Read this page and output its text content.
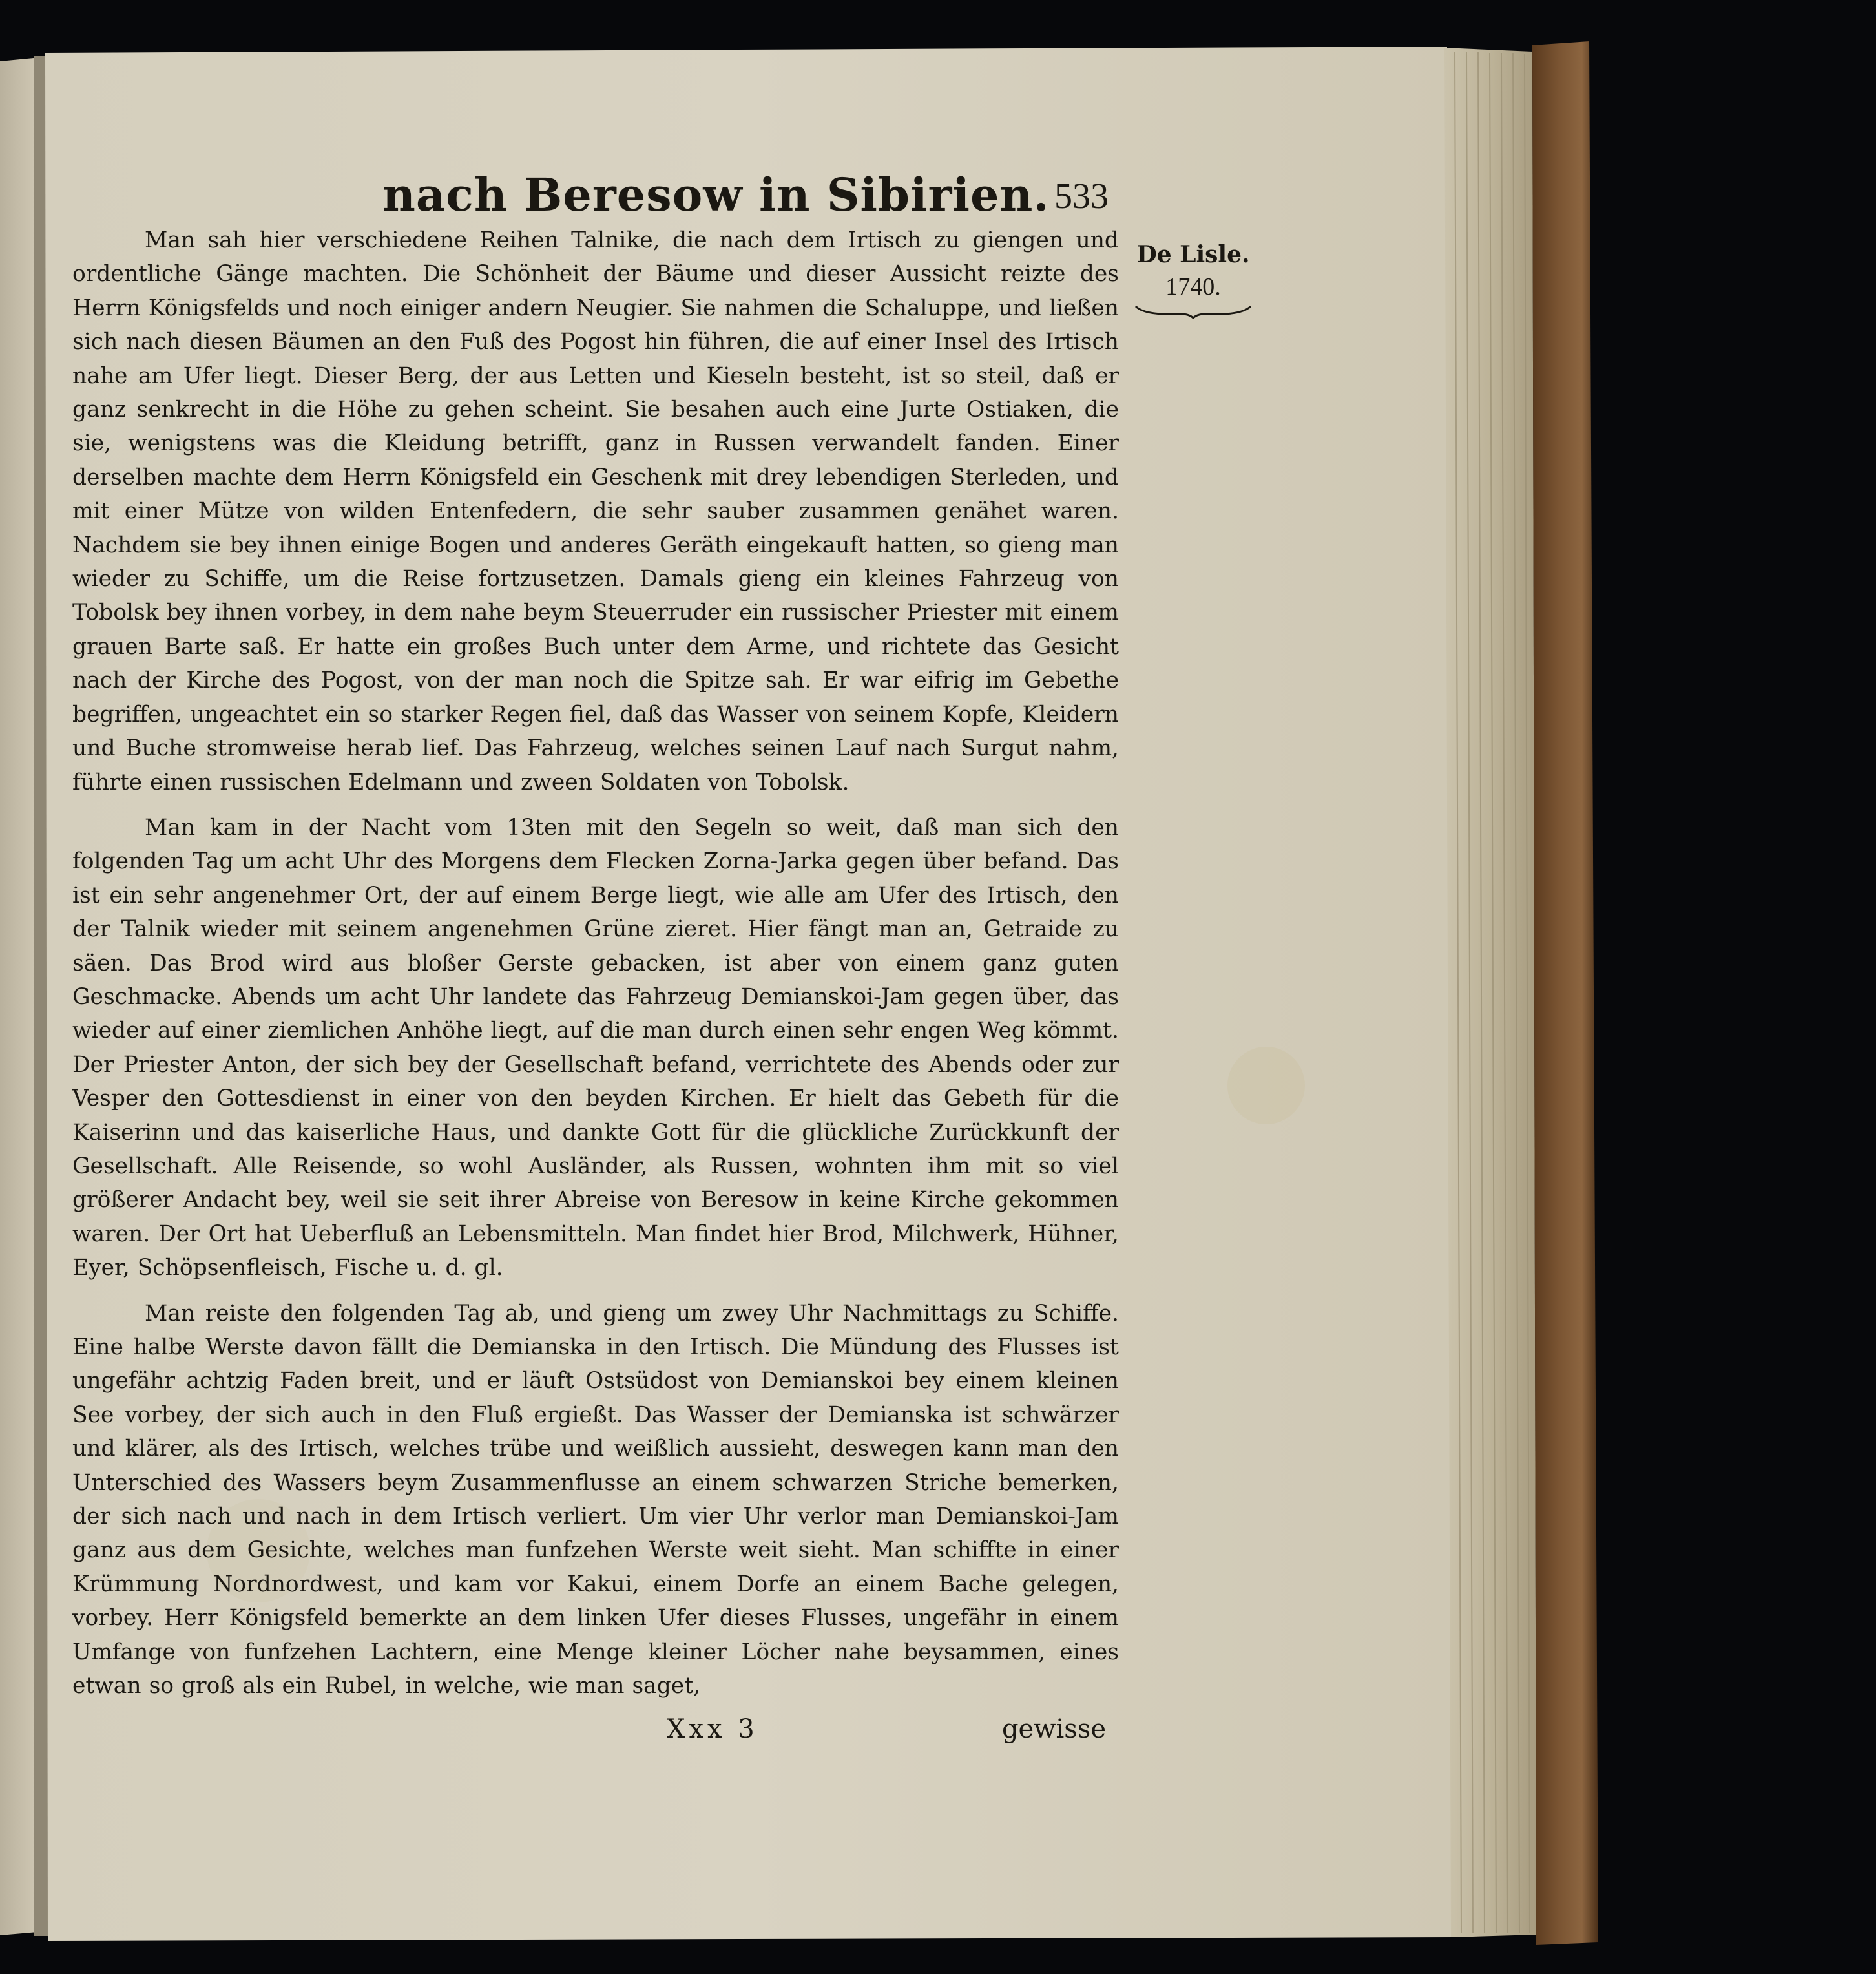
nach Beresow in Sibirien. 533

Man sah hier verschiedene Reihen Talnike, die nach dem Irtisch zu giengen und ordentliche Gänge machten. Die Schönheit der Bäume und dieser Aussicht reizte des Herrn Königsfelds und noch einiger andern Neugier. Sie nahmen die Schaluppe, und ließen sich nach diesen Bäumen an den Fuß des Pogost hin führen, die auf einer Insel des Irtisch nahe am Ufer liegt. Dieser Berg, der aus Letten und Kieseln besteht, ist so steil, daß er ganz senkrecht in die Höhe zu gehen scheint. Sie besahen auch eine Jurte Ostiaken, die sie, wenigstens was die Kleidung betrifft, ganz in Russen verwandelt fanden. Einer derselben machte dem Herrn Königsfeld ein Geschenk mit drey lebendigen Sterleden, und mit einer Mütze von wilden Entenfedern, die sehr sauber zusammen genähet waren. Nachdem sie bey ihnen einige Bogen und anderes Geräth eingekauft hatten, so gieng man wieder zu Schiffe, um die Reise fortzusetzen. Damals gieng ein kleines Fahrzeug von Tobolsk bey ihnen vorbey, in dem nahe beym Steuerruder ein russischer Priester mit einem grauen Barte saß. Er hatte ein großes Buch unter dem Arme, und richtete das Gesicht nach der Kirche des Pogost, von der man noch die Spitze sah. Er war eifrig im Gebethe begriffen, ungeachtet ein so starker Regen fiel, daß das Wasser von seinem Kopfe, Kleidern und Buche stromweise herab lief. Das Fahrzeug, welches seinen Lauf nach Surgut nahm, führte einen russischen Edelmann und zween Soldaten von Tobolsk.

Man kam in der Nacht vom 13ten mit den Segeln so weit, daß man sich den folgenden Tag um acht Uhr des Morgens dem Flecken Zorna-Jarka gegen über befand. Das ist ein sehr angenehmer Ort, der auf einem Berge liegt, wie alle am Ufer des Irtisch, den der Talnik wieder mit seinem angenehmen Grüne zieret. Hier fängt man an, Getraide zu säen. Das Brod wird aus bloßer Gerste gebacken, ist aber von einem ganz guten Geschmacke. Abends um acht Uhr landete das Fahrzeug Demianskoi-Jam gegen über, das wieder auf einer ziemlichen Anhöhe liegt, auf die man durch einen sehr engen Weg kömmt. Der Priester Anton, der sich bey der Gesellschaft befand, verrichtete des Abends oder zur Vesper den Gottesdienst in einer von den beyden Kirchen. Er hielt das Gebeth für die Kaiserinn und das kaiserliche Haus, und dankte Gott für die glückliche Zurückkunft der Gesellschaft. Alle Reisende, so wohl Ausländer, als Russen, wohnten ihm mit so viel größerer Andacht bey, weil sie seit ihrer Abreise von Beresow in keine Kirche gekommen waren. Der Ort hat Ueberfluß an Lebensmitteln. Man findet hier Brod, Milchwerk, Hühner, Eyer, Schöpsenfleisch, Fische u. d. gl.

Man reiste den folgenden Tag ab, und gieng um zwey Uhr Nachmittags zu Schiffe. Eine halbe Werste davon fällt die Demianska in den Irtisch. Die Mündung des Flusses ist ungefähr achtzig Faden breit, und er läuft Ostsüdost von Demianskoi bey einem kleinen See vorbey, der sich auch in den Fluß ergießt. Das Wasser der Demianska ist schwärzer und klärer, als des Irtisch, welches trübe und weißlich aussieht, deswegen kann man den Unterschied des Wassers beym Zusammenflusse an einem schwarzen Striche bemerken, der sich nach und nach in dem Irtisch verliert. Um vier Uhr verlor man Demianskoi-Jam ganz aus dem Gesichte, welches man funfzehen Werste weit sieht. Man schiffte in einer Krümmung Nordnordwest, und kam vor Kakui, einem Dorfe an einem Bache gelegen, vorbey. Herr Königsfeld bemerkte an dem linken Ufer dieses Flusses, ungefähr in einem Umfange von funfzehen Lachtern, eine Menge kleiner Löcher nahe beysammen, eines etwan so groß als ein Rubel, in welche, wie man saget,

Xxx 3	gewisse
De Lisle.
1740.
